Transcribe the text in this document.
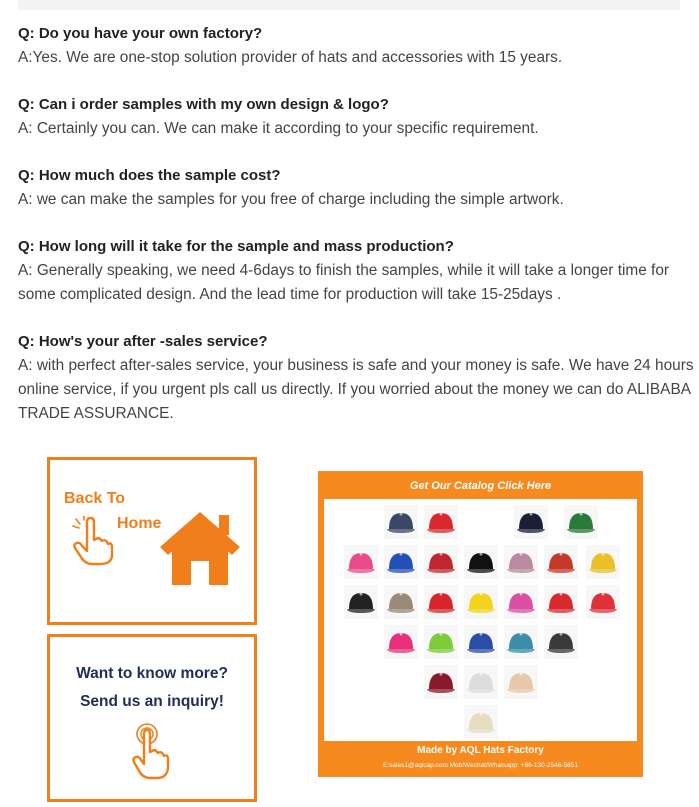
Q: Do you have your own factory?
A:Yes. We are one-stop solution provider of hats and accessories with 15 years.
Q: Can i order samples with my own design & logo?
A: Certainly you can. We can make it according to your specific requirement.
Q: How much does the sample cost?
A: we can make the samples for you free of charge including the simple artwork.
Q: How long will it take for the sample and mass production?
A: Generally speaking, we need 4-6days to finish the samples, while it will take a longer time for some complicated design. And the lead time for production will take 15-25days .
Q: How's your after -sales service?
A: with perfect after-sales service, your business is safe and your money is safe. We have 24 hours online service, if you urgent pls call us directly. If you worried about the money we can do ALIBABA TRADE ASSURANCE.
Back To
Home
Want to know more?
Send us an inquiry!
Get Our Catalog Click Here
Made by AQL Hats Factory
E:sales1@aqlcap.com Mob/Wechat/Whatsapp: +86-130-2546-5851
